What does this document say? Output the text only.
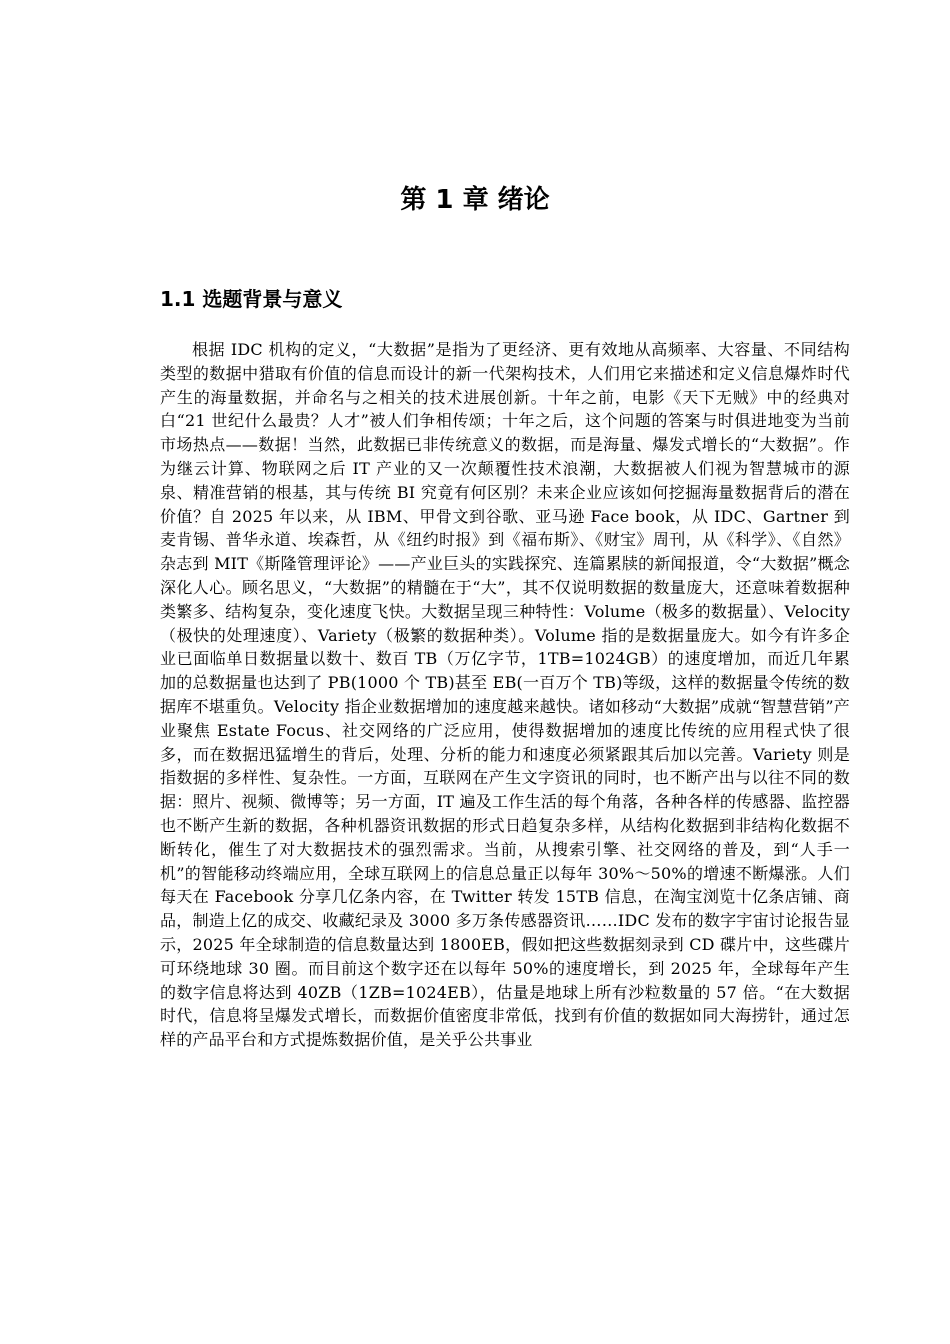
第 1 章 绪论
1.1 选题背景与意义

根据 IDC 机构的定义，“大数据”是指为了更经济、更有效地从高频率、大容量、不同结构类型的数据中猎取有价值的信息而设计的新一代架构技术，人们用它来描述和定义信息爆炸时代产生的海量数据，并命名与之相关的技术进展创新。十年之前，电影《天下无贼》中的经典对白“21 世纪什么最贵？人才”被人们争相传颂；十年之后，这个问题的答案与时俱进地变为当前市场热点——数据！当然，此数据已非传统意义的数据，而是海量、爆发式增长的“大数据”。作为继云计算、物联网之后 IT 产业的又一次颠覆性技术浪潮，大数据被人们视为智慧城市的源泉、精准营销的根基，其与传统 BI 究竟有何区别？未来企业应该如何挖掘海量数据背后的潜在价值？自 2025 年以来，从 IBM、甲骨文到谷歌、亚马逊 Face book，从 IDC、Gartner 到麦肯锡、普华永道、埃森哲，从《纽约时报》到《福布斯》、《财宝》周刊，从《科学》、《自然》杂志到 MIT《斯隆管理评论》——产业巨头的实践探究、连篇累牍的新闻报道，令“大数据”概念深化人心。顾名思义，“大数据”的精髓在于“大”，其不仅说明数据的数量庞大，还意味着数据种类繁多、结构复杂，变化速度飞快。大数据呈现三种特性：Volume（极多的数据量）、Velocity（极快的处理速度）、Variety（极繁的数据种类）。Volume 指的是数据量庞大。如今有许多企业已面临单日数据量以数十、数百 TB（万亿字节，1TB=1024GB）的速度增加，而近几年累加的总数据量也达到了 PB(1000 个 TB)甚至 EB(一百万个 TB)等级，这样的数据量令传统的数据库不堪重负。Velocity 指企业数据增加的速度越来越快。诸如移动“大数据”成就“智慧营销”产业聚焦 Estate Focus、社交网络的广泛应用，使得数据增加的速度比传统的应用程式快了很多，而在数据迅猛增生的背后，处理、分析的能力和速度必须紧跟其后加以完善。Variety 则是指数据的多样性、复杂性。一方面，互联网在产生文字资讯的同时，也不断产出与以往不同的数据：照片、视频、微博等；另一方面，IT 遍及工作生活的每个角落，各种各样的传感器、监控器也不断产生新的数据，各种机器资讯数据的形式日趋复杂多样，从结构化数据到非结构化数据不断转化，催生了对大数据技术的强烈需求。当前，从搜索引擎、社交网络的普及，到“人手一机”的智能移动终端应用，全球互联网上的信息总量正以每年 30%～50%的增速不断爆涨。人们每天在 Facebook 分享几亿条内容，在 Twitter 转发 15TB 信息，在淘宝浏览十亿条店铺、商品，制造上亿的成交、收藏纪录及 3000 多万条传感器资讯……IDC 发布的数字宇宙讨论报告显示，2025 年全球制造的信息数量达到 1800EB，假如把这些数据刻录到 CD 碟片中，这些碟片可环绕地球 30 圈。而目前这个数字还在以每年 50%的速度增长，到 2025 年，全球每年产生的数字信息将达到 40ZB（1ZB=1024EB），估量是地球上所有沙粒数量的 57 倍。“在大数据时代，信息将呈爆发式增长，而数据价值密度非常低，找到有价值的数据如同大海捞针，通过怎样的产品平台和方式提炼数据价值，是关乎公共事业
